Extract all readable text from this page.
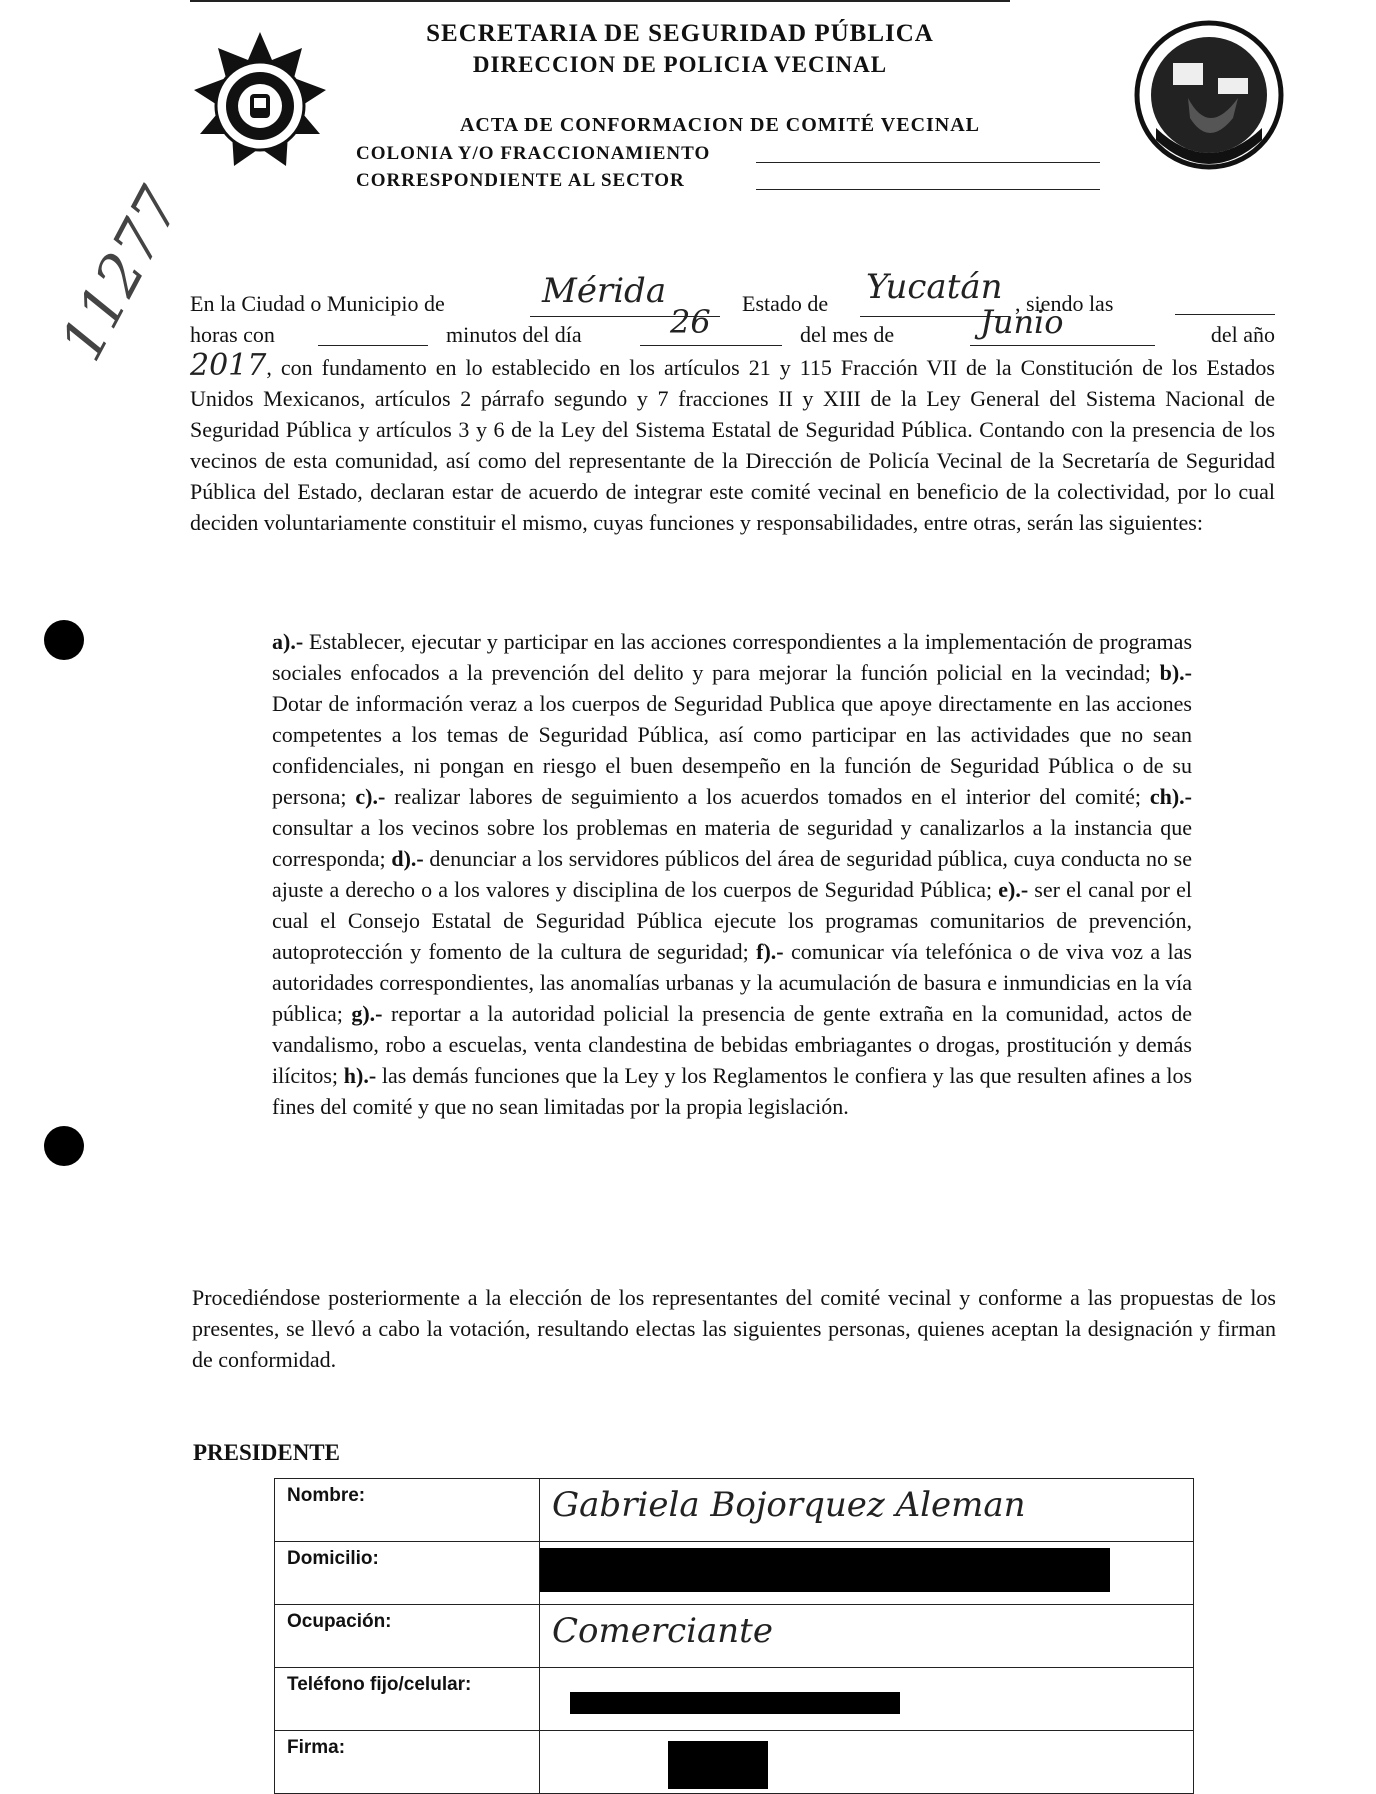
SECRETARIA DE SEGURIDAD PÚBLICA
DIRECCION DE POLICIA VECINAL
ACTA DE CONFORMACION DE COMITÉ VECINAL
COLONIA Y/O FRACCIONAMIENTO
CORRESPONDIENTE AL SECTOR
11277
En la Ciudad o Municipio de	Mérida	Estado de Yucatán , siendo las
horas con	minutos del día	26	del mes de	Junio	del año
2017, con fundamento en lo establecido en los artículos 21 y 115 Fracción VII de la Constitución de los Estados Unidos Mexicanos, artículos 2 párrafo segundo y 7 fracciones II y XIII de la Ley General del Sistema Nacional de Seguridad Pública y artículos 3 y 6 de la Ley del Sistema Estatal de Seguridad Pública. Contando con la presencia de los vecinos de esta comunidad, así como del representante de la Dirección de Policía Vecinal de la Secretaría de Seguridad Pública del Estado, declaran estar de acuerdo de integrar este comité vecinal en beneficio de la colectividad, por lo cual deciden voluntariamente constituir el mismo, cuyas funciones y responsabilidades, entre otras, serán las siguientes:
a).- Establecer, ejecutar y participar en las acciones correspondientes a la implementación de programas sociales enfocados a la prevención del delito y para mejorar la función policial en la vecindad; b).- Dotar de información veraz a los cuerpos de Seguridad Publica que apoye directamente en las acciones competentes a los temas de Seguridad Pública, así como participar en las actividades que no sean confidenciales, ni pongan en riesgo el buen desempeño en la función de Seguridad Pública o de su persona; c).- realizar labores de seguimiento a los acuerdos tomados en el interior del comité; ch).- consultar a los vecinos sobre los problemas en materia de seguridad y canalizarlos a la instancia que corresponda; d).- denunciar a los servidores públicos del área de seguridad pública, cuya conducta no se ajuste a derecho o a los valores y disciplina de los cuerpos de Seguridad Pública; e).- ser el canal por el cual el Consejo Estatal de Seguridad Pública ejecute los programas comunitarios de prevención, autoprotección y fomento de la cultura de seguridad; f).- comunicar vía telefónica o de viva voz a las autoridades correspondientes, las anomalías urbanas y la acumulación de basura e inmundicias en la vía pública; g).- reportar a la autoridad policial la presencia de gente extraña en la comunidad, actos de vandalismo, robo a escuelas, venta clandestina de bebidas embriagantes o drogas, prostitución y demás ilícitos; h).- las demás funciones que la Ley y los Reglamentos le confiera y las que resulten afines a los fines del comité y que no sean limitadas por la propia legislación.
Procediéndose posteriormente a la elección de los representantes del comité vecinal y conforme a las propuestas de los presentes, se llevó a cabo la votación, resultando electas las siguientes personas, quienes aceptan la designación y firman de conformidad.
PRESIDENTE
Nombre:	Gabriela Bojorquez Aleman
Domicilio:	

Ocupación:	Comerciante
Teléfono fijo/celular:	

Firma:	
